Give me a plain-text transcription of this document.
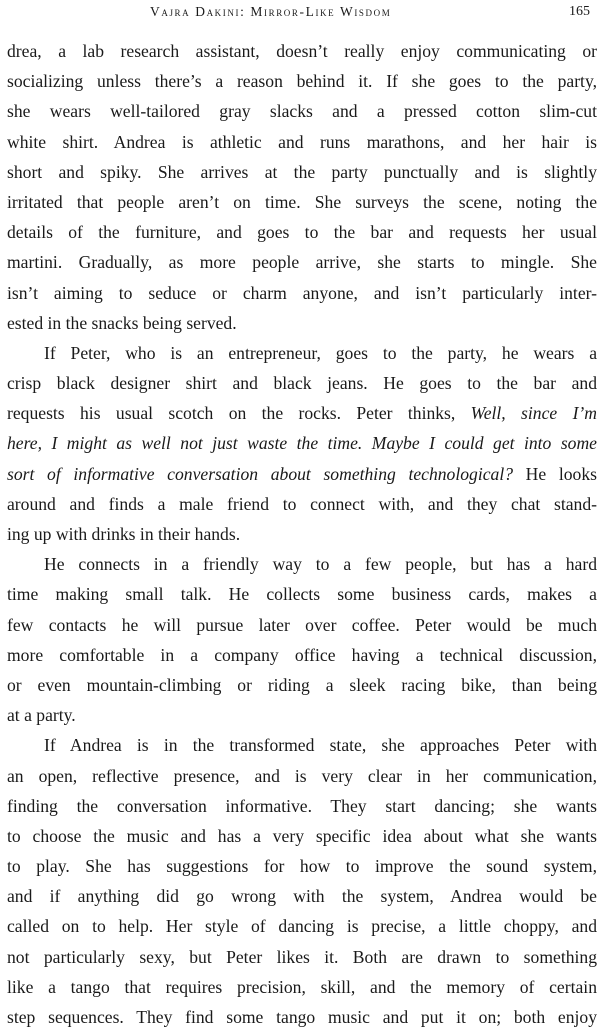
Vajra Dakini: Mirror-Like Wisdom	165
drea, a lab research assistant, doesn’t really enjoy communicating or
socializing unless there’s a reason behind it. If she goes to the party,
she wears well-tailored gray slacks and a pressed cotton slim-cut
white shirt. Andrea is athletic and runs marathons, and her hair is
short and spiky. She arrives at the party punctually and is slightly
irritated that people aren’t on time. She surveys the scene, noting the
details of the furniture, and goes to the bar and requests her usual
martini. Gradually, as more people arrive, she starts to mingle. She
isn’t aiming to seduce or charm anyone, and isn’t particularly inter-
ested in the snacks being served.
If Peter, who is an entrepreneur, goes to the party, he wears a
crisp black designer shirt and black jeans. He goes to the bar and
requests his usual scotch on the rocks. Peter thinks, Well, since I’m
here, I might as well not just waste the time. Maybe I could get into some
sort of informative conversation about something technological? He looks
around and finds a male friend to connect with, and they chat stand-
ing up with drinks in their hands.
He connects in a friendly way to a few people, but has a hard
time making small talk. He collects some business cards, makes a
few contacts he will pursue later over coffee. Peter would be much
more comfortable in a company office having a technical discussion,
or even mountain-climbing or riding a sleek racing bike, than being
at a party.
If Andrea is in the transformed state, she approaches Peter with
an open, reflective presence, and is very clear in her communication,
finding the conversation informative. They start dancing; she wants
to choose the music and has a very specific idea about what she wants
to play. She has suggestions for how to improve the sound system,
and if anything did go wrong with the system, Andrea would be
called on to help. Her style of dancing is precise, a little choppy, and
not particularly sexy, but Peter likes it. Both are drawn to something
like a tango that requires precision, skill, and the memory of certain
step sequences. They find some tango music and put it on; both enjoy
